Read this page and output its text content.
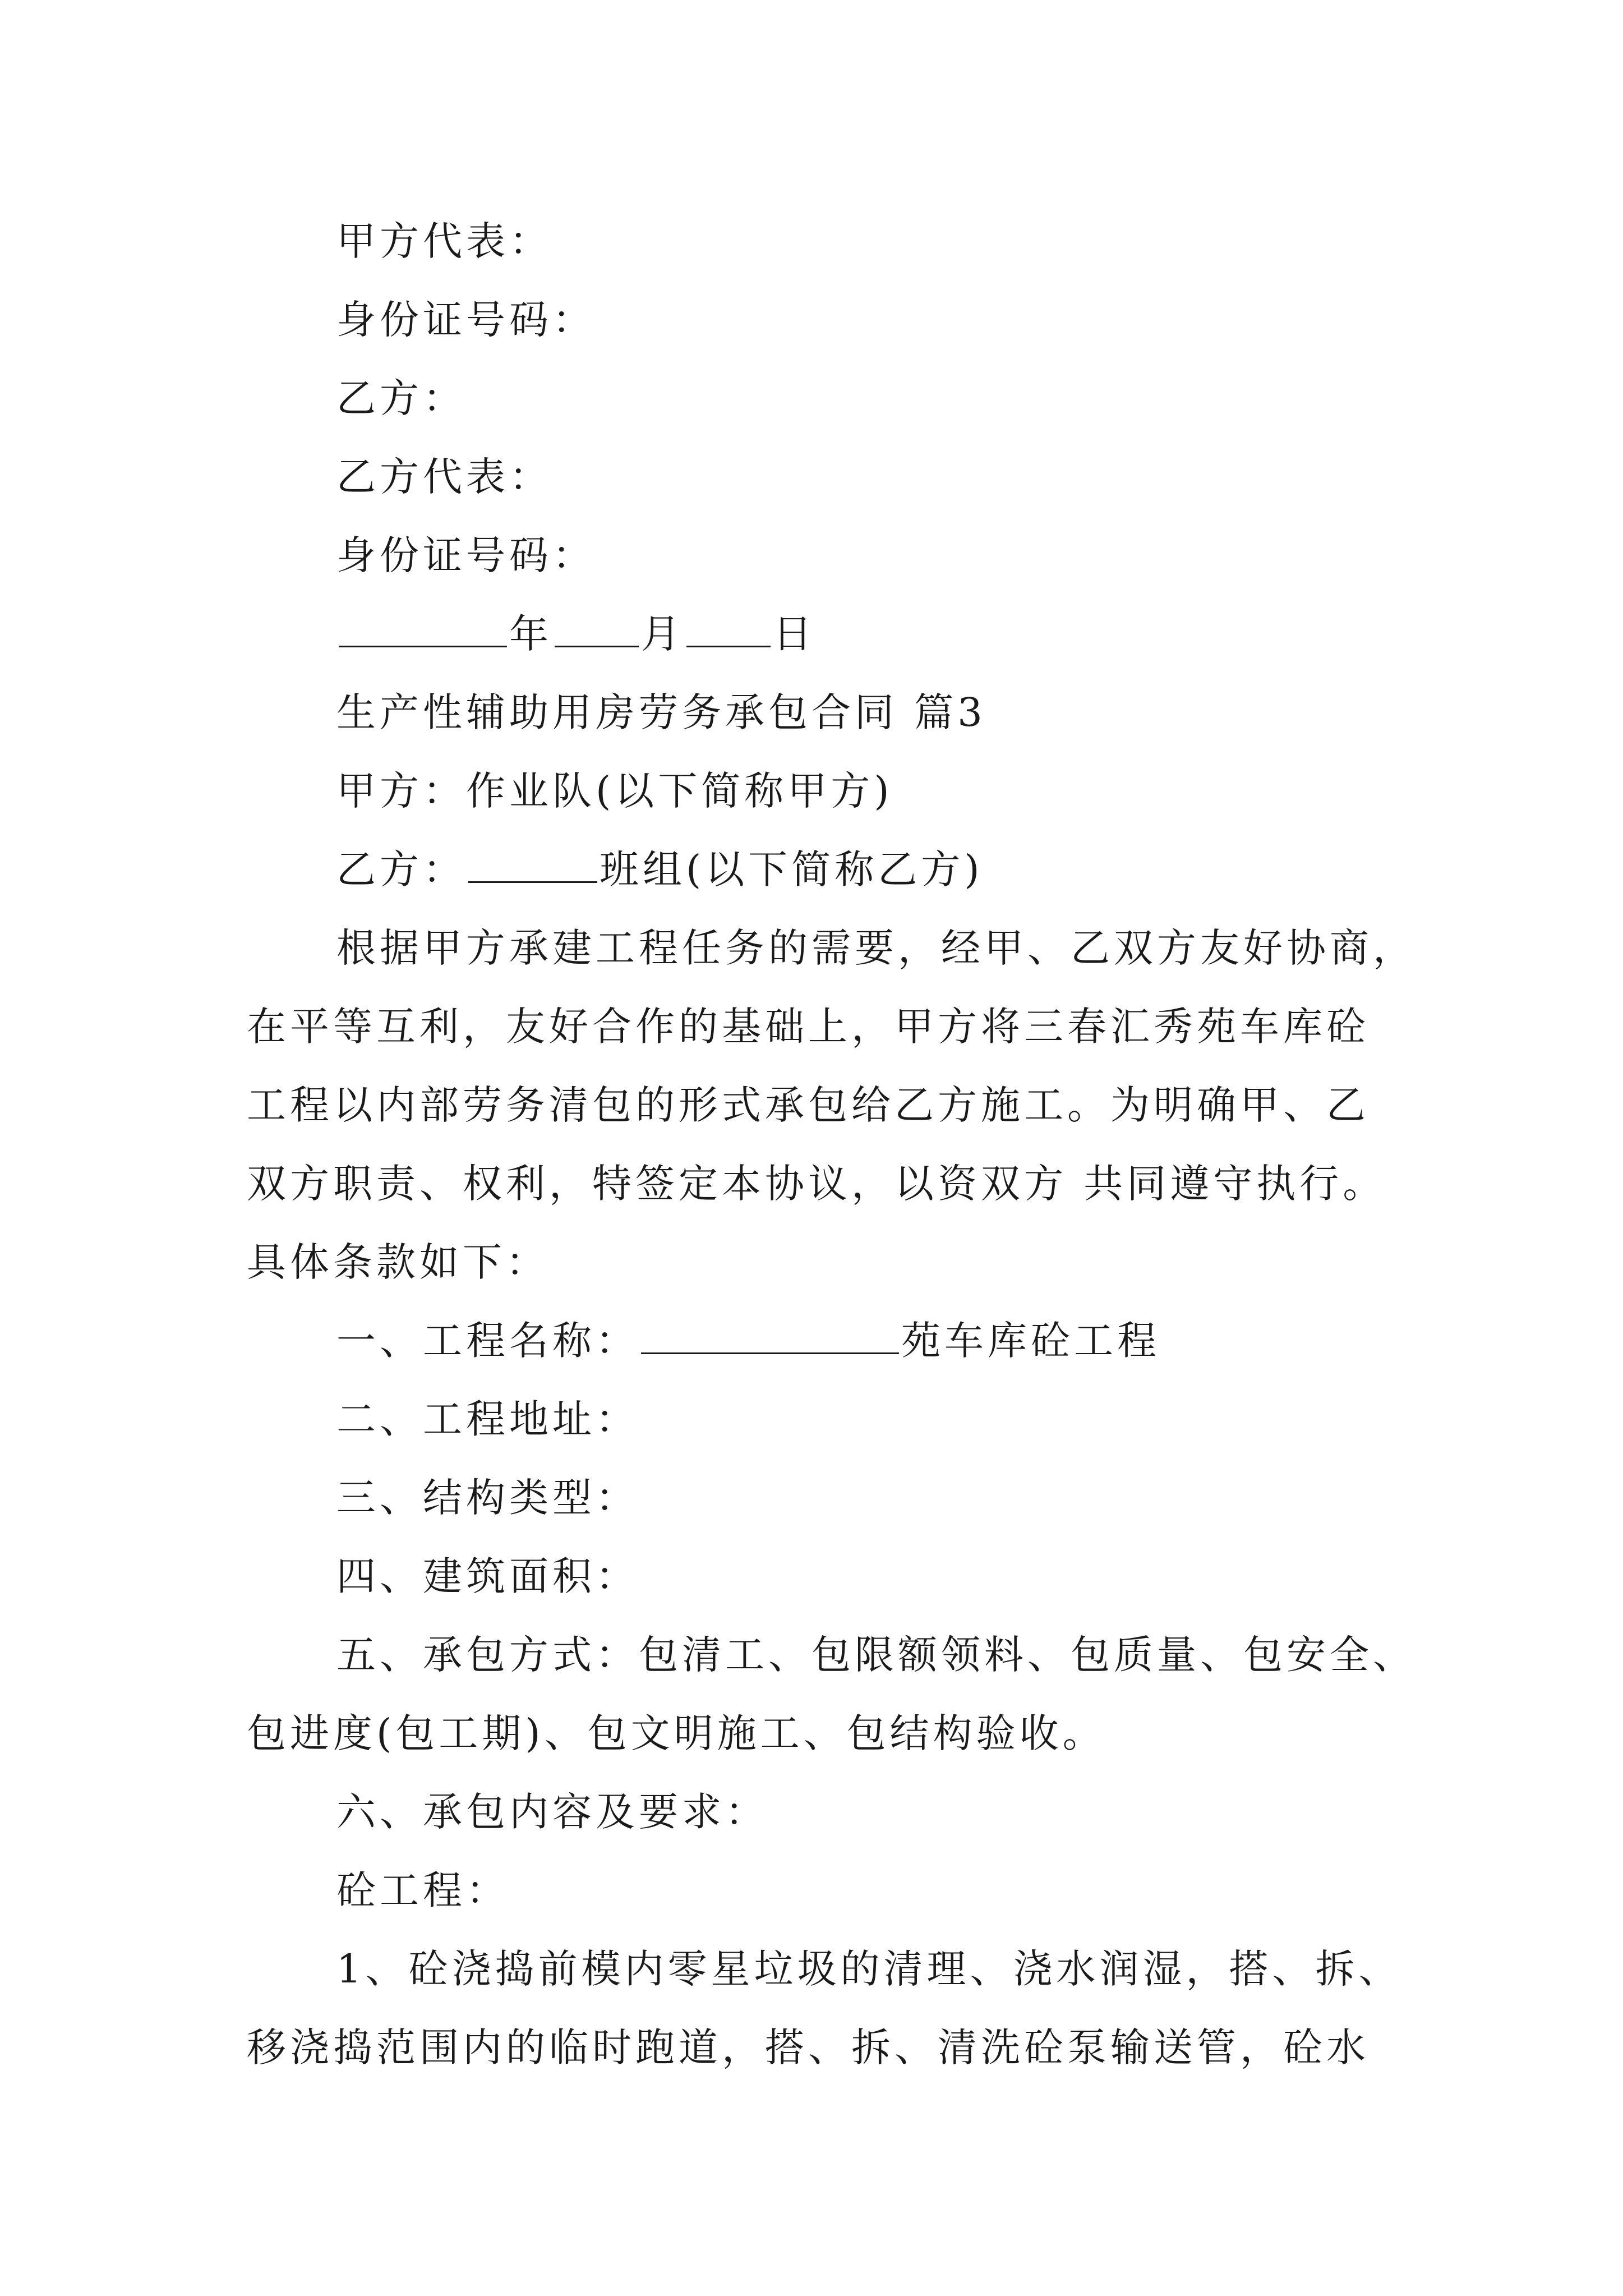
甲方代表：
身份证号码：
乙方：
乙方代表：
身份证号码：
年 月 日
生产性辅助用房劳务承包合同 篇3
甲方：作业队(以下简称甲方)
乙方：	班组(以下简称乙方)
根据甲方承建工程任务的需要，经甲、乙双方友好协商，
在平等互利，友好合作的基础上，甲方将三春汇秀苑车库砼
工程以内部劳务清包的形式承包给乙方施工。为明确甲、乙
双方职责、权利，特签定本协议，以资双方 共同遵守执行。
具体条款如下：
一、工程名称：	苑车库砼工程
二、工程地址：
三、结构类型：
四、建筑面积：
五、承包方式：包清工、包限额领料、包质量、包安全、
包进度(包工期)、包文明施工、包结构验收。
六、承包内容及要求：
砼工程：
1、砼浇捣前模内零星垃圾的清理、浇水润湿，搭、拆、
移浇捣范围内的临时跑道，搭、拆、清洗砼泵输送管，砼水
